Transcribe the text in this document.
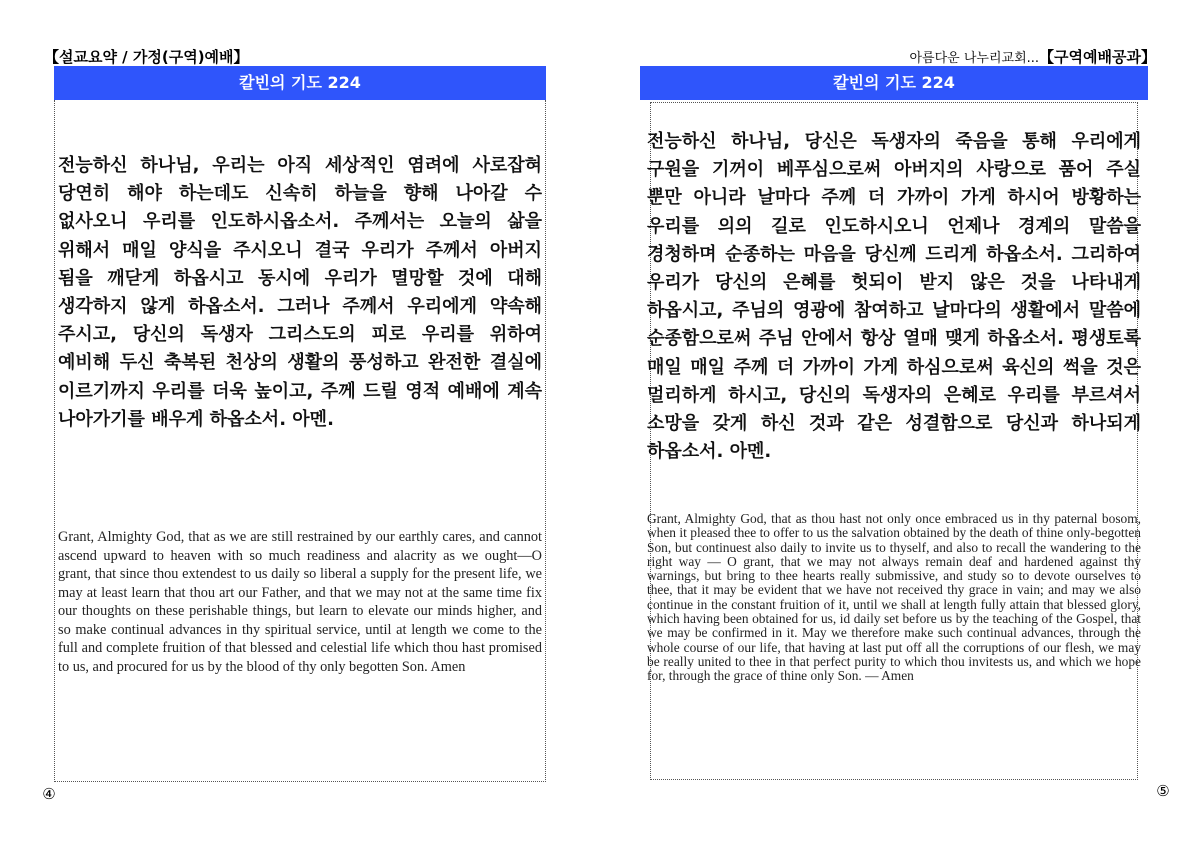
【설교요약 / 가정(구역)예배】	아름다운 나누리교회...【구역예배공과】
칼빈의 기도 224

전능하신 하나님, 우리는 아직 세상적인 염려에 사로잡혀 당연히 해야 하는데도 신속히 하늘을 향해 나아갈 수 없사오니 우리를 인도하시옵소서. 주께서는 오늘의 삶을 위해서 매일 양식을 주시오니 결국 우리가 주께서 아버지 됨을 깨닫게 하옵시고 동시에 우리가 멸망할 것에 대해 생각하지 않게 하옵소서. 그러나 주께서 우리에게 약속해 주시고, 당신의 독생자 그리스도의 피로 우리를 위하여 예비해 두신 축복된 천상의 생활의 풍성하고 완전한 결실에 이르기까지 우리를 더욱 높이고, 주께 드릴 영적 예배에 계속 나아가기를 배우게 하옵소서. 아멘.

Grant, Almighty God, that as we are still restrained by our earthly cares, and cannot ascend upward to heaven with so much readiness and alacrity as we ought—O grant, that since thou extendest to us daily so liberal a supply for the present life, we may at least learn that thou art our Father, and that we may not at the same time fix our thoughts on these perishable things, but learn to elevate our minds higher, and so make continual advances in thy spiritual service, until at length we come to the full and complete fruition of that blessed and celestial life which thou hast promised to us, and procured for us by the blood of thy only begotten Son. Amen

④
칼빈의 기도 224

전능하신 하나님, 당신은 독생자의 죽음을 통해 우리에게 구원을 기꺼이 베푸심으로써 아버지의 사랑으로 품어 주실 뿐만 아니라 날마다 주께 더 가까이 가게 하시어 방황하는 우리를 의의 길로 인도하시오니 언제나 경계의 말씀을 경청하며 순종하는 마음을 당신께 드리게 하옵소서. 그리하여 우리가 당신의 은혜를 헛되이 받지 않은 것을 나타내게 하옵시고, 주님의 영광에 참여하고 날마다의 생활에서 말씀에 순종함으로써 주님 안에서 항상 열매 맺게 하옵소서. 평생토록 매일 매일 주께 더 가까이 가게 하심으로써 육신의 썩을 것은 멀리하게 하시고, 당신의 독생자의 은혜로 우리를 부르셔서 소망을 갖게 하신 것과 같은 성결함으로 당신과 하나되게 하옵소서. 아멘.

Grant, Almighty God, that as thou hast not only once embraced us in thy paternal bosom, when it pleased thee to offer to us the salvation obtained by the death of thine only-begotten Son, but continuest also daily to invite us to thyself, and also to recall the wandering to the right way — O grant, that we may not always remain deaf and hardened against thy warnings, but bring to thee hearts really submissive, and study so to devote ourselves to thee, that it may be evident that we have not received thy grace in vain; and may we also continue in the constant fruition of it, until we shall at length fully attain that blessed glory, which having been obtained for us, id daily set before us by the teaching of the Gospel, that we may be confirmed in it. May we therefore make such continual advances, through the whole course of our life, that having at last put off all the corruptions of our flesh, we may be really united to thee in that perfect purity to which thou invitests us, and which we hope for, through the grace of thine only Son. — Amen

⑤
